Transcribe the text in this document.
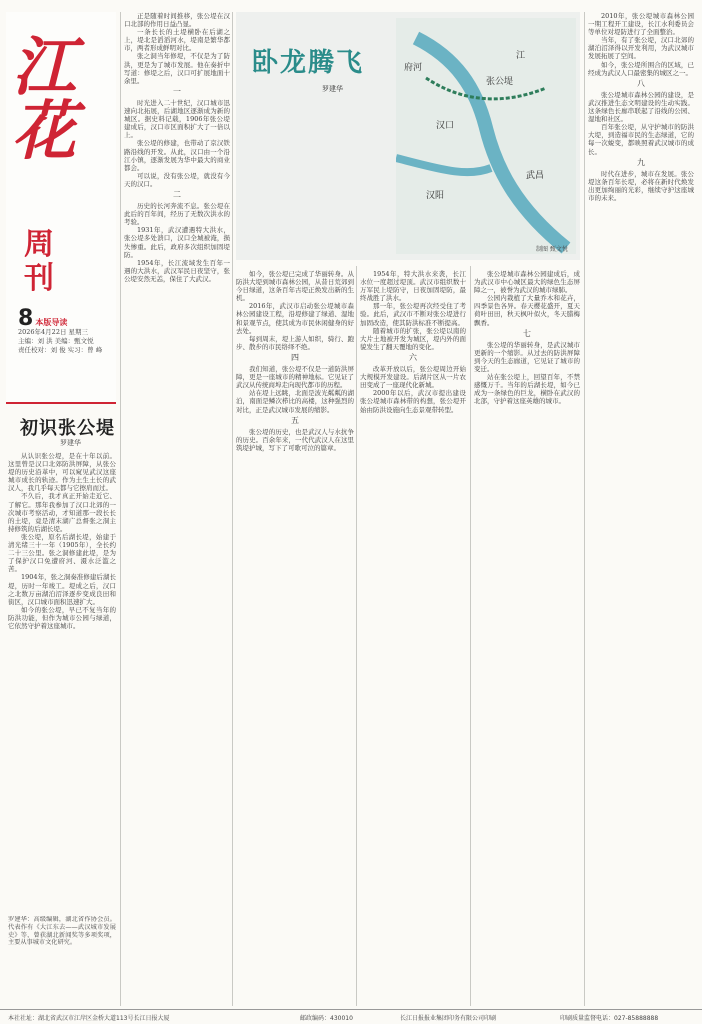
江
花
周
刊
8 本版导读
2026年4月22日 星期三
主编：刘 洪 美编：甄文悦
责任校对：刘 俊 实习：曾 峰
初识张公堤
罗建华

从认识张公堤，是在十年以前。这里曾是汉口北郊防洪屏障，从张公堤的历史沿革中，可以窥见武汉这座城市成长的轨迹。作为土生土长的武汉人，我几乎每天都与它擦肩而过。

不久后，我才真正开始走近它、了解它。那年我参加了汉口北郊的一次城市考察活动，才知道那一段长长的土堤，竟是清末湖广总督张之洞主持修筑的后湖长堤。

张公堤，原名后湖长堤，始建于清光绪三十一年（1905年），全长约二十三公里。张之洞修建此堤，是为了保护汉口免遭府河、滠水泛滥之苦。

1904年，张之洞奏准修建后湖长堤，历时一年竣工。堤成之后，汉口之北数万亩湖泊沼泽逐步变成良田和街区，汉口城市面积迅速扩大。

如今的张公堤，早已不复当年的防洪功能，但作为城市公园与绿道，它依然守护着这座城市。

罗建华：高级编辑，湖北省作协会员。代表作有《大江东去——武汉城市发展史》等，曾获湖北新闻奖等多项奖项，主要从事城市文化研究。

正是随着时间推移，张公堤在汉口北部的作用日益凸显。

一条长长的土堤横卧在后湖之上，堤北是滔滔河水，堤南是繁华都市，两者形成鲜明对比。

张之洞当年修堤，不仅是为了防洪，更是为了城市发展。他在奏折中写道：修堤之后，汉口可扩展地面十余里。

一

时光进入二十世纪，汉口城市迅速向北拓展，后湖地区逐渐成为新的城区。据史料记载，1906年张公堤建成后，汉口市区面积扩大了一倍以上。

张公堤的修建，也带动了京汉铁路沿线的开发。从此，汉口由一个沿江小镇，逐渐发展为华中最大的商业都会。

可以说，没有张公堤，就没有今天的汉口。

二

历史的长河奔流不息。张公堤在此后的百年间，经历了无数次洪水的考验。

1931年，武汉遭遇特大洪水，张公堤多处溃口，汉口全城被淹，损失惨重。此后，政府多次组织加固堤防。

1954年，长江流域发生百年一遇的大洪水，武汉军民日夜坚守，张公堤安然无恙，保住了大武汉。

卧龙腾飞
罗建华
江
汉口
汉阳
武昌
府河
张公堤
制图 甄文悦

如今，张公堤已完成了华丽转身。从防洪大堤到城市森林公园，从昔日荒郊到今日绿道，这条百年古堤正焕发出新的生机。

2016年，武汉市启动张公堤城市森林公园建设工程，沿堤修建了绿道、湿地和景观节点，使其成为市民休闲健身的好去处。

每到周末，堤上游人如织，骑行、跑步、散步的市民络绎不绝。

四

我们知道，张公堤不仅是一道防洪屏障，更是一座城市的精神地标。它见证了武汉从传统商埠走向现代都市的历程。

站在堤上远眺，北面是波光粼粼的湖泊，南面是鳞次栉比的高楼，这种强烈的对比，正是武汉城市发展的缩影。

五

张公堤的历史，也是武汉人与水抗争的历史。百余年来，一代代武汉人在这里筑堤护城，写下了可歌可泣的篇章。

1954年，特大洪水来袭，长江水位一度超过堤顶。武汉市组织数十万军民上堤防守，日夜加固堤防，最终战胜了洪水。

那一年，张公堤再次经受住了考验。此后，武汉市不断对张公堤进行加固改造，使其防洪标准不断提高。

随着城市的扩张，张公堤以南的大片土地被开发为城区，堤内外的面貌发生了翻天覆地的变化。

六

改革开放以后，张公堤周边开始大规模开发建设。后湖片区从一片农田变成了一座现代化新城。

2000年以后，武汉市提出建设张公堤城市森林带的构想，张公堤开始由防洪设施向生态景观带转型。

张公堤城市森林公园建成后，成为武汉市中心城区最大的绿色生态屏障之一，被誉为武汉的城市绿肺。

公园内栽植了大量乔木和花卉，四季景色各异。春天樱花盛开，夏天荷叶田田，秋天枫叶似火，冬天腊梅飘香。

七

张公堤的华丽转身，是武汉城市更新的一个缩影。从过去的防洪屏障到今天的生态廊道，它见证了城市的变迁。

站在张公堤上，回望百年，不禁感慨万千。当年的后湖长堤，如今已成为一条绿色的巨龙，横卧在武汉的北部，守护着这座英雄的城市。

2010年，张公堤城市森林公园一期工程开工建设，长江水利委员会等单位对堤防进行了全面整治。

当年，有了张公堤，汉口北郊的湖泊沼泽得以开发利用，为武汉城市发展拓展了空间。

如今，张公堤所围合的区域，已经成为武汉人口最密集的城区之一。

八

张公堤城市森林公园的建设，是武汉推进生态文明建设的生动实践。这条绿色长廊串联起了沿线的公园、湿地和社区。

百年张公堤，从守护城市的防洪大堤，到造福市民的生态绿道，它的每一次蜕变，都映照着武汉城市的成长。

九

时代在进步，城市在发展。张公堤这条百年长堤，必将在新时代焕发出更加绚丽的光彩，继续守护这座城市的未来。

本社社址：湖北省武汉市江岸区金桥大道113号长江日报大厦	邮政编码：430010	长江日报报业集团印务有限公司印刷	印刷质量监督电话：027-85888888
